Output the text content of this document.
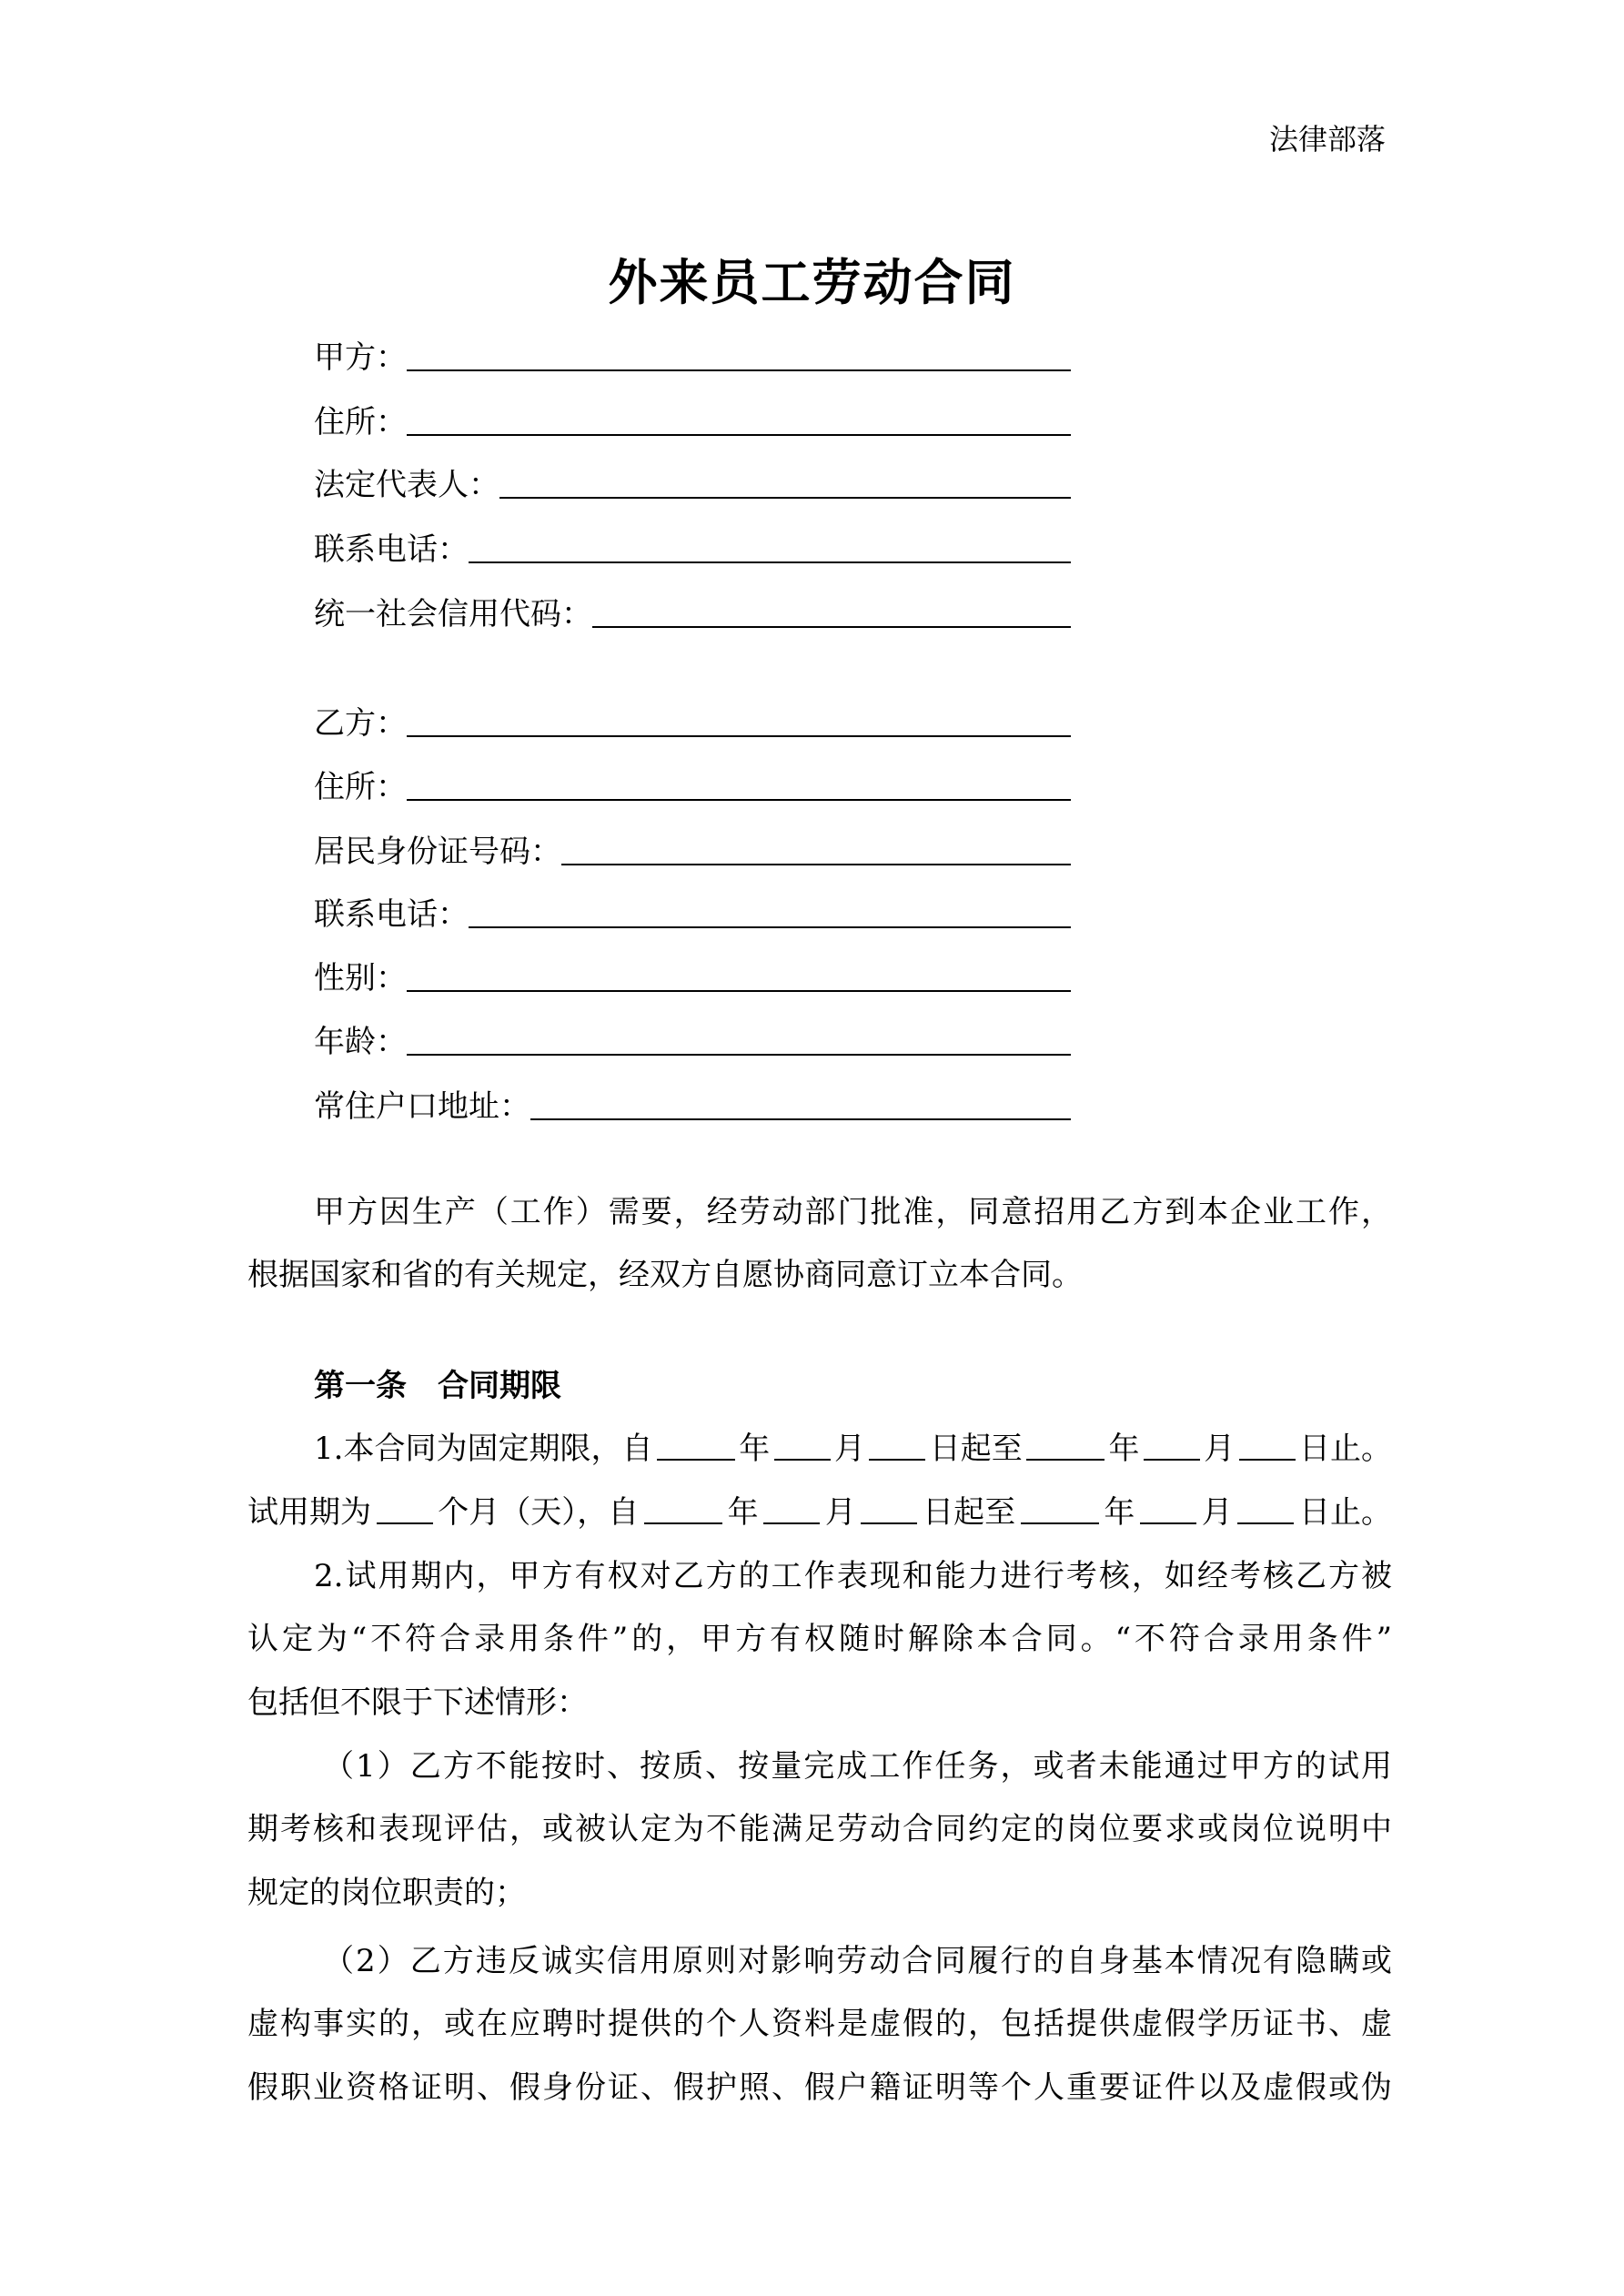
法律部落
外来员工劳动合同
甲方：
住所：
法定代表人：
联系电话：
统一社会信用代码：
乙方：
住所：
居民身份证号码：
联系电话：
性别：
年龄：
常住户口地址：
甲方因生产（工作）需要，经劳动部门批准，同意招用乙方到本企业工作，
根据国家和省的有关规定，经双方自愿协商同意订立本合同。
第一条　合同期限
1.本合同为固定期限，自	年 月 日起至	年 月 日止。
试用期为 个月（天），自	年 月 日起至	年 月 日止。
2.试用期内，甲方有权对乙方的工作表现和能力进行考核，如经考核乙方被
认定为“不符合录用条件”的，甲方有权随时解除本合同。“不符合录用条件”
包括但不限于下述情形：
（1）乙方不能按时、按质、按量完成工作任务，或者未能通过甲方的试用
期考核和表现评估，或被认定为不能满足劳动合同约定的岗位要求或岗位说明中
规定的岗位职责的；
（2）乙方违反诚实信用原则对影响劳动合同履行的自身基本情况有隐瞒或
虚构事实的，或在应聘时提供的个人资料是虚假的，包括提供虚假学历证书、虚
假职业资格证明、假身份证、假护照、假户籍证明等个人重要证件以及虚假或伪
